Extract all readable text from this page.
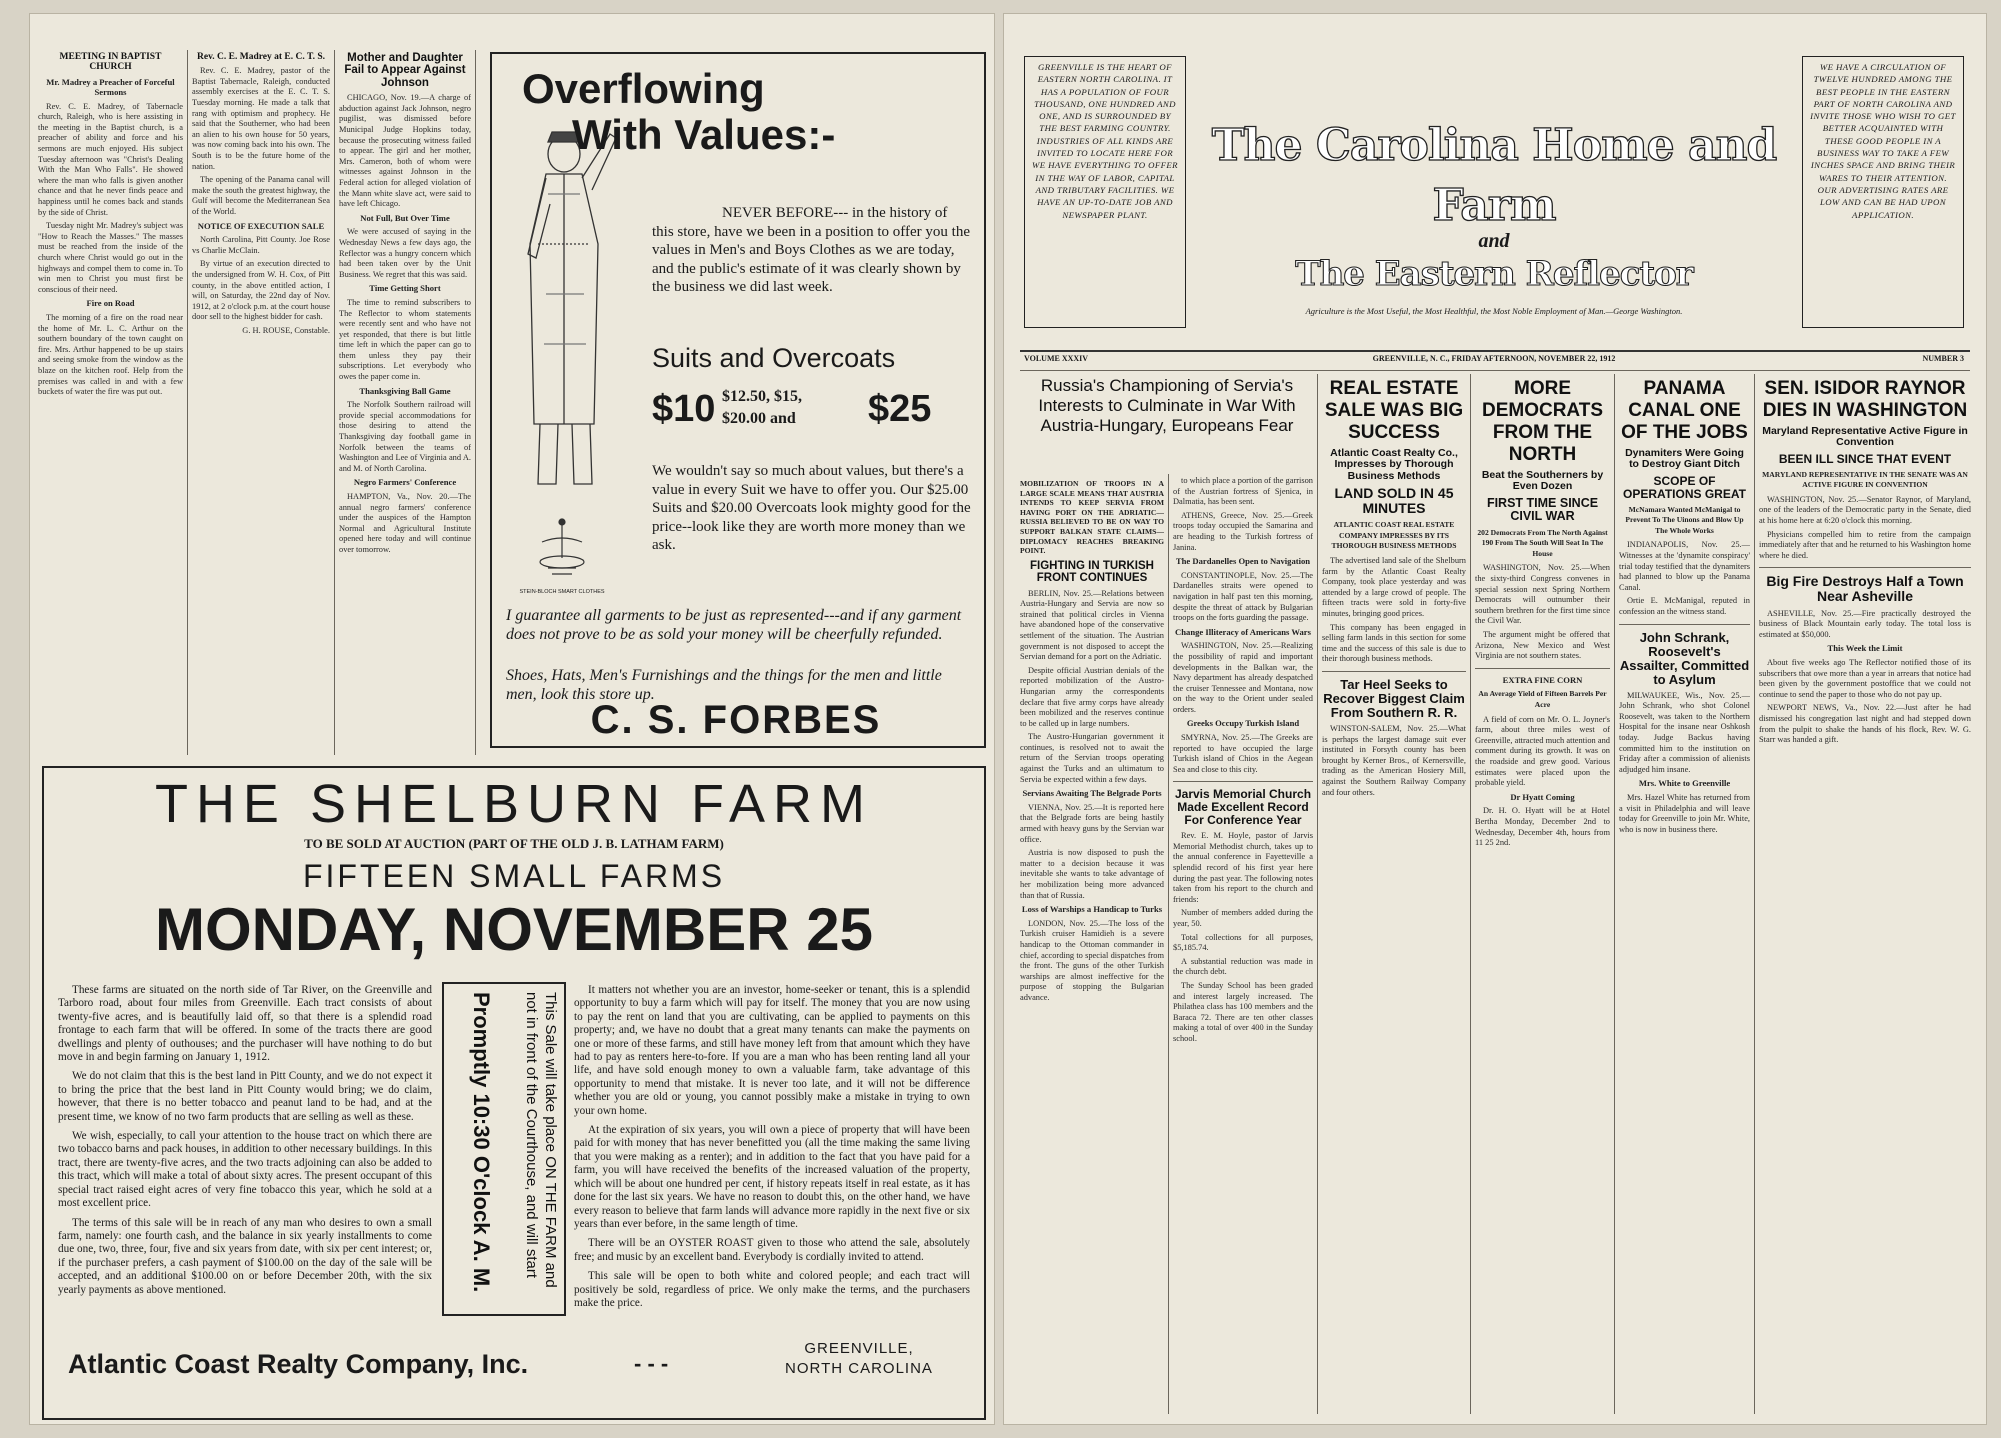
MEETING IN BAPTIST CHURCH
Mr. Madrey a Preacher of Forceful Sermons

Rev. C. E. Madrey, of Tabernacle church, Raleigh, who is here assisting in the meeting in the Baptist church, is a preacher of ability and force and his sermons are much enjoyed. His subject Tuesday afternoon was "Christ's Dealing With the Man Who Falls". He showed where the man who falls is given another chance and that he never finds peace and happiness until he comes back and stands by the side of Christ.

Tuesday night Mr. Madrey's subject was "How to Reach the Masses." The masses must be reached from the inside of the church where Christ would go out in the highways and compel them to come in. To win men to Christ you must first be conscious of their need.

Fire on Road

The morning of a fire on the road near the home of Mr. L. C. Arthur on the southern boundary of the town caught on fire. Mrs. Arthur happened to be up stairs and seeing smoke from the window as the blaze on the kitchen roof. Help from the premises was called in and with a few buckets of water the fire was put out.

Rev. C. E. Madrey at E. C. T. S.

Rev. C. E. Madrey, pastor of the Baptist Tabernacle, Raleigh, conducted assembly exercises at the E. C. T. S. Tuesday morning. He made a talk that rang with optimism and prophecy. He said that the Southerner, who had been an alien to his own house for 50 years, was now coming back into his own. The South is to be the future home of the nation.

The opening of the Panama canal will make the south the greatest highway, the Gulf will become the Mediterranean Sea of the World.

NOTICE OF EXECUTION SALE

North Carolina, Pitt County. Joe Rose vs Charlie McClain.

By virtue of an execution directed to the undersigned from W. H. Cox, of Pitt county, in the above entitled action, I will, on Saturday, the 22nd day of Nov. 1912, at 2 o'clock p.m. at the court house door sell to the highest bidder for cash.

G. H. ROUSE, Constable.

Mother and Daughter Fail to Appear Against Johnson

CHICAGO, Nov. 19.—A charge of abduction against Jack Johnson, negro pugilist, was dismissed before Municipal Judge Hopkins today, because the prosecuting witness failed to appear. The girl and her mother, Mrs. Cameron, both of whom were witnesses against Johnson in the Federal action for alleged violation of the Mann white slave act, were said to have left Chicago.

Not Full, But Over Time

We were accused of saying in the Wednesday News a few days ago, the Reflector was a hungry concern which had been taken over by the Unit Business. We regret that this was said.

Time Getting Short

The time to remind subscribers to The Reflector to whom statements were recently sent and who have not yet responded, that there is but little time left in which the paper can go to them unless they pay their subscriptions. Let everybody who owes the paper come in.

Thanksgiving Ball Game

The Norfolk Southern railroad will provide special accommodations for those desiring to attend the Thanksgiving day football game in Norfolk between the teams of Washington and Lee of Virginia and A. and M. of North Carolina.

Negro Farmers' Conference

HAMPTON, Va., Nov. 20.—The annual negro farmers' conference under the auspices of the Hampton Normal and Agricultural Institute opened here today and will continue over tomorrow.

STEIN-BLOCH SMART CLOTHES
Overflowing
With Values:-
NEVER BEFORE--- in the history of this store, have we been in a position to offer you the values in Men's and Boys Clothes as we are today, and the public's estimate of it was clearly shown by the business we did last week.
Suits and Overcoats
$10 $12.50, $15,
$20.00 and $25
We wouldn't say so much about values, but there's a value in every Suit we have to offer you. Our $25.00 Suits and $20.00 Overcoats look mighty good for the price--look like they are worth more money than we ask.
I guarantee all garments to be just as represented---and if any garment does not prove to be as sold your money will be cheerfully refunded.
Shoes, Hats, Men's Furnishings and the things for the men and little men, look this store up.
C. S. FORBES
THE SHELBURN FARM
TO BE SOLD AT AUCTION (PART OF THE OLD J. B. LATHAM FARM)
FIFTEEN SMALL FARMS
MONDAY, NOVEMBER 25

These farms are situated on the north side of Tar River, on the Greenville and Tarboro road, about four miles from Greenville. Each tract consists of about twenty-five acres, and is beautifully laid off, so that there is a splendid road frontage to each farm that will be offered. In some of the tracts there are good dwellings and plenty of outhouses; and the purchaser will have nothing to do but move in and begin farming on January 1, 1912.

We do not claim that this is the best land in Pitt County, and we do not expect it to bring the price that the best land in Pitt County would bring; we do claim, however, that there is no better tobacco and peanut land to be had, and at the present time, we know of no two farm products that are selling as well as these.

We wish, especially, to call your attention to the house tract on which there are two tobacco barns and pack houses, in addition to other necessary buildings. In this tract, there are twenty-five acres, and the two tracts adjoining can also be added to this tract, which will make a total of about sixty acres. The present occupant of this special tract raised eight acres of very fine tobacco this year, which he sold at a most excellent price.

The terms of this sale will be in reach of any man who desires to own a small farm, namely: one fourth cash, and the balance in six yearly installments to come due one, two, three, four, five and six years from date, with six per cent interest; or, if the purchaser prefers, a cash payment of $100.00 on the day of the sale will be accepted, and an additional $100.00 on or before December 20th, with the six yearly payments as above mentioned.

This Sale will take place ON THE FARM and not in front of the Courthouse, and will start
Promptly 10:30 O'clock A. M.

It matters not whether you are an investor, home-seeker or tenant, this is a splendid opportunity to buy a farm which will pay for itself. The money that you are now using to pay the rent on land that you are cultivating, can be applied to payments on this property; and, we have no doubt that a great many tenants can make the payments on one or more of these farms, and still have money left from that amount which they have had to pay as renters here-to-fore. If you are a man who has been renting land all your life, and have sold enough money to own a valuable farm, take advantage of this opportunity to mend that mistake. It is never too late, and it will not be difference whether you are old or young, you cannot possibly make a mistake in trying to own your own home.

At the expiration of six years, you will own a piece of property that will have been paid for with money that has never benefitted you (all the time making the same living that you were making as a renter); and in addition to the fact that you have paid for a farm, you will have received the benefits of the increased valuation of the property, which will be about one hundred per cent, if history repeats itself in real estate, as it has done for the last six years. We have no reason to doubt this, on the other hand, we have every reason to believe that farm lands will advance more rapidly in the next five or six years than ever before, in the same length of time.

There will be an OYSTER ROAST given to those who attend the sale, absolutely free; and music by an excellent band. Everybody is cordially invited to attend.

This sale will be open to both white and colored people; and each tract will positively be sold, regardless of price. We only make the terms, and the purchasers make the price.

Atlantic Coast Realty Company, Inc.	- - -
GREENVILLE,
NORTH CAROLINA
GREENVILLE IS THE HEART OF EASTERN NORTH CAROLINA. IT HAS A POPULATION OF FOUR THOUSAND, ONE HUNDRED AND ONE, AND IS SURROUNDED BY THE BEST FARMING COUNTRY. INDUSTRIES OF ALL KINDS ARE INVITED TO LOCATE HERE FOR WE HAVE EVERYTHING TO OFFER IN THE WAY OF LABOR, CAPITAL AND TRIBUTARY FACILITIES. WE HAVE AN UP-TO-DATE JOB AND NEWSPAPER PLANT.
The Carolina Home and Farm
and
The Eastern Reflector
Agriculture is the Most Useful, the Most Healthful, the Most Noble Employment of Man.—George Washington.
WE HAVE A CIRCULATION OF TWELVE HUNDRED AMONG THE BEST PEOPLE IN THE EASTERN PART OF NORTH CAROLINA AND INVITE THOSE WHO WISH TO GET BETTER ACQUAINTED WITH THESE GOOD PEOPLE IN A BUSINESS WAY TO TAKE A FEW INCHES SPACE AND BRING THEIR WARES TO THEIR ATTENTION. OUR ADVERTISING RATES ARE LOW AND CAN BE HAD UPON APPLICATION.
VOLUME XXXIV	GREENVILLE, N. C., FRIDAY AFTERNOON, NOVEMBER 22, 1912	NUMBER 3
Russia's Championing of Servia's Interests to Culminate in War With Austria-Hungary, Europeans Fear
MOBILIZATION OF TROOPS IN A LARGE SCALE MEANS THAT AUSTRIA INTENDS TO KEEP SERVIA FROM HAVING PORT ON THE ADRIATIC—RUSSIA BELIEVED TO BE ON WAY TO SUPPORT BALKAN STATE CLAIMS—DIPLOMACY REACHES BREAKING POINT.
FIGHTING IN TURKISH FRONT CONTINUES

BERLIN, Nov. 25.—Relations between Austria-Hungary and Servia are now so strained that political circles in Vienna have abandoned hope of the conservative settlement of the situation. The Austrian government is not disposed to accept the Servian demand for a port on the Adriatic.

Despite official Austrian denials of the reported mobilization of the Austro-Hungarian army the correspondents declare that five army corps have already been mobilized and the reserves continue to be called up in large numbers.

The Austro-Hungarian government it continues, is resolved not to await the return of the Servian troops operating against the Turks and an ultimatum to Servia be expected within a few days.

Servians Awaiting The Belgrade Ports

VIENNA, Nov. 25.—It is reported here that the Belgrade forts are being hastily armed with heavy guns by the Servian war office.

Austria is now disposed to push the matter to a decision because it was inevitable she wants to take advantage of her mobilization being more advanced than that of Russia.

Loss of Warships a Handicap to Turks

LONDON, Nov. 25.—The loss of the Turkish cruiser Hamidieh is a severe handicap to the Ottoman commander in chief, according to special dispatches from the front. The guns of the other Turkish warships are almost ineffective for the purpose of stopping the Bulgarian advance.

to which place a portion of the garrison of the Austrian fortress of Sjenica, in Dalmatia, has been sent.

ATHENS, Greece, Nov. 25.—Greek troops today occupied the Samarina and are heading to the Turkish fortress of Janina.

The Dardanelles Open to Navigation

CONSTANTINOPLE, Nov. 25.—The Dardanelles straits were opened to navigation in half past ten this morning, despite the threat of attack by Bulgarian troops on the forts guarding the passage.

Change Illiteracy of Americans Wars

WASHINGTON, Nov. 25.—Realizing the possibility of rapid and important developments in the Balkan war, the Navy department has already despatched the cruiser Tennessee and Montana, now on the way to the Orient under sealed orders.

Greeks Occupy Turkish Island

SMYRNA, Nov. 25.—The Greeks are reported to have occupied the large Turkish island of Chios in the Aegean Sea and close to this city.

Jarvis Memorial Church Made Excellent Record For Conference Year

Rev. E. M. Hoyle, pastor of Jarvis Memorial Methodist church, takes up to the annual conference in Fayetteville a splendid record of his first year here during the past year. The following notes taken from his report to the church and friends:

Number of members added during the year, 50.

Total collections for all purposes, $5,185.74.

A substantial reduction was made in the church debt.

The Sunday School has been graded and interest largely increased. The Philathea class has 100 members and the Baraca 72. There are ten other classes making a total of over 400 in the Sunday school.

REAL ESTATE SALE WAS BIG SUCCESS
Atlantic Coast Realty Co., Impresses by Thorough Business Methods
LAND SOLD IN 45 MINUTES
ATLANTIC COAST REAL ESTATE COMPANY IMPRESSES BY ITS THOROUGH BUSINESS METHODS

The advertised land sale of the Shelburn farm by the Atlantic Coast Realty Company, took place yesterday and was attended by a large crowd of people. The fifteen tracts were sold in forty-five minutes, bringing good prices.

This company has been engaged in selling farm lands in this section for some time and the success of this sale is due to their thorough business methods.

Tar Heel Seeks to Recover Biggest Claim From Southern R. R.

WINSTON-SALEM, Nov. 25.—What is perhaps the largest damage suit ever instituted in Forsyth county has been brought by Kerner Bros., of Kernersville, trading as the American Hosiery Mill, against the Southern Railway Company and four others.

MORE DEMOCRATS FROM THE NORTH
Beat the Southerners by Even Dozen
FIRST TIME SINCE CIVIL WAR
202 Democrats From The North Against 190 From The South Will Seat In The House

WASHINGTON, Nov. 25.—When the sixty-third Congress convenes in special session next Spring Northern Democrats will outnumber their southern brethren for the first time since the Civil War.

The argument might be offered that Arizona, New Mexico and West Virginia are not southern states.

EXTRA FINE CORN
An Average Yield of Fifteen Barrels Per Acre

A field of corn on Mr. O. L. Joyner's farm, about three miles west of Greenville, attracted much attention and comment during its growth. It was on the roadside and grew good. Various estimates were placed upon the probable yield.

Dr Hyatt Coming

Dr. H. O. Hyatt will be at Hotel Bertha Monday, December 2nd to Wednesday, December 4th, hours from 11 25 2nd.

PANAMA CANAL ONE OF THE JOBS
Dynamiters Were Going to Destroy Giant Ditch
SCOPE OF OPERATIONS GREAT
McNamara Wanted McManigal to Prevent To The Uinons and Blow Up The Whole Works

INDIANAPOLIS, Nov. 25.—Witnesses at the 'dynamite conspiracy' trial today testified that the dynamiters had planned to blow up the Panama Canal.

Ortie E. McManigal, reputed in confession an the witness stand.

John Schrank, Roosevelt's Assailter, Committed to Asylum

MILWAUKEE, Wis., Nov. 25.—John Schrank, who shot Colonel Roosevelt, was taken to the Northern Hospital for the insane near Oshkosh today. Judge Backus having committed him to the institution on Friday after a commission of alienists adjudged him insane.

Mrs. White to Greenville

Mrs. Hazel White has returned from a visit in Philadelphia and will leave today for Greenville to join Mr. White, who is now in business there.

SEN. ISIDOR RAYNOR DIES IN WASHINGTON
Maryland Representative Active Figure in Convention
BEEN ILL SINCE THAT EVENT
MARYLAND REPRESENTATIVE IN THE SENATE WAS AN ACTIVE FIGURE IN CONVENTION

WASHINGTON, Nov. 25.—Senator Raynor, of Maryland, one of the leaders of the Democratic party in the Senate, died at his home here at 6:20 o'clock this morning.

Physicians compelled him to retire from the campaign immediately after that and he returned to his Washington home where he died.

Big Fire Destroys Half a Town Near Asheville

ASHEVILLE, Nov. 25.—Fire practically destroyed the business of Black Mountain early today. The total loss is estimated at $50,000.

This Week the Limit

About five weeks ago The Reflector notified those of its subscribers that owe more than a year in arrears that notice had been given by the government postoffice that we could not continue to send the paper to those who do not pay up.

NEWPORT NEWS, Va., Nov. 22.—Just after he had dismissed his congregation last night and had stepped down from the pulpit to shake the hands of his flock, Rev. W. G. Starr was handed a gift.
